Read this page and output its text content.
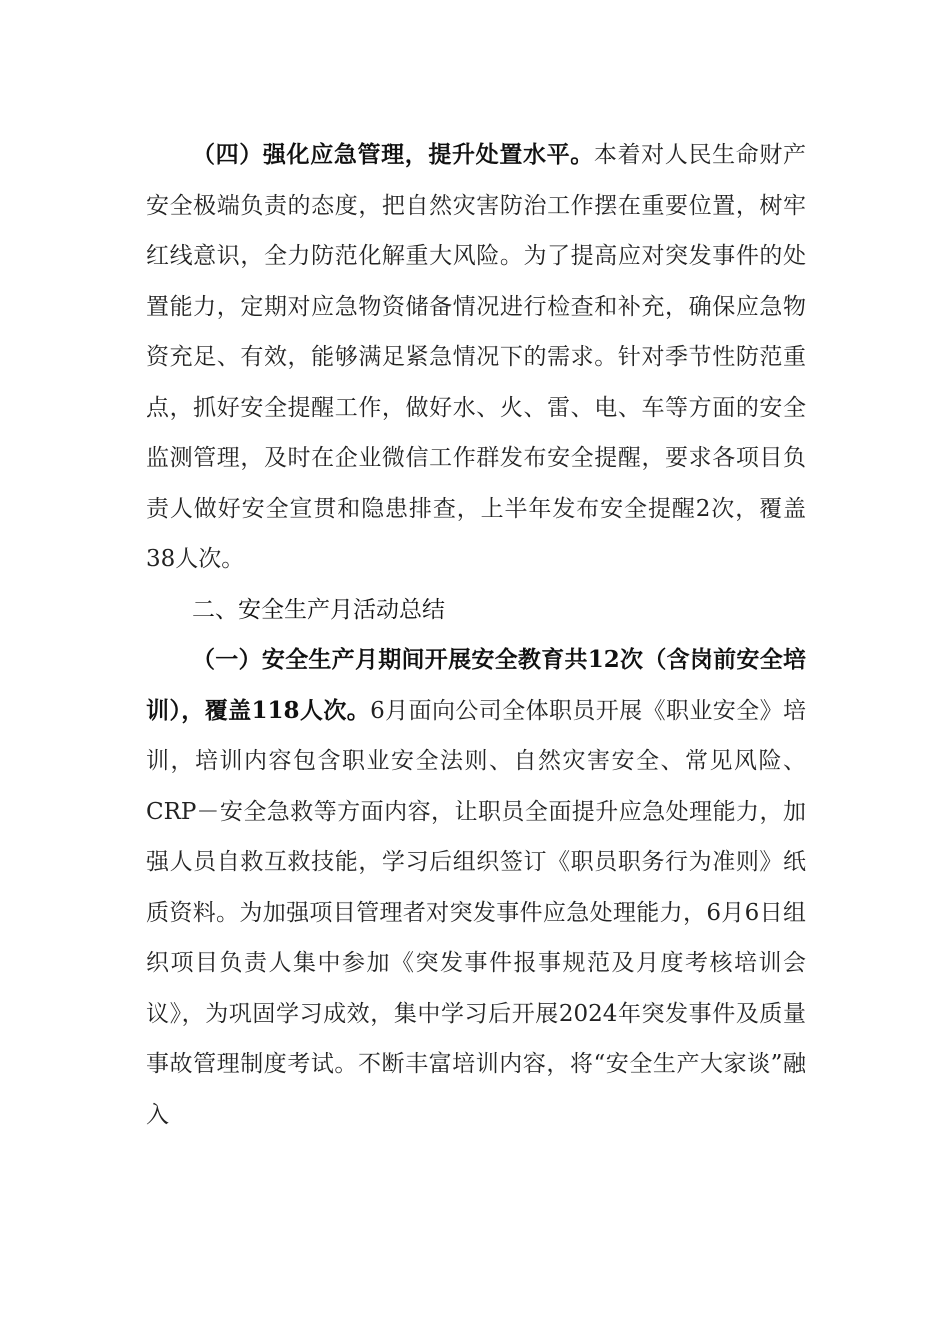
（四）强化应急管理，提升处置水平。本着对人民生命财产安全极端负责的态度，把自然灾害防治工作摆在重要位置，树牢红线意识，全力防范化解重大风险。为了提高应对突发事件的处置能力，定期对应急物资储备情况进行检查和补充，确保应急物资充足、有效，能够满足紧急情况下的需求。针对季节性防范重点，抓好安全提醒工作，做好水、火、雷、电、车等方面的安全监测管理，及时在企业微信工作群发布安全提醒，要求各项目负责人做好安全宣贯和隐患排查，上半年发布安全提醒2次，覆盖38人次。

二、安全生产月活动总结

（一）安全生产月期间开展安全教育共12次（含岗前安全培训），覆盖118人次。6月面向公司全体职员开展《职业安全》培训，培训内容包含职业安全法则、自然灾害安全、常见风险、CRP－安全急救等方面内容，让职员全面提升应急处理能力，加强人员自救互救技能，学习后组织签订《职员职务行为准则》纸质资料。为加强项目管理者对突发事件应急处理能力，6月6日组织项目负责人集中参加《突发事件报事规范及月度考核培训会议》，为巩固学习成效，集中学习后开展2024年突发事件及质量事故管理制度考试。不断丰富培训内容，将“安全生产大家谈”融入
